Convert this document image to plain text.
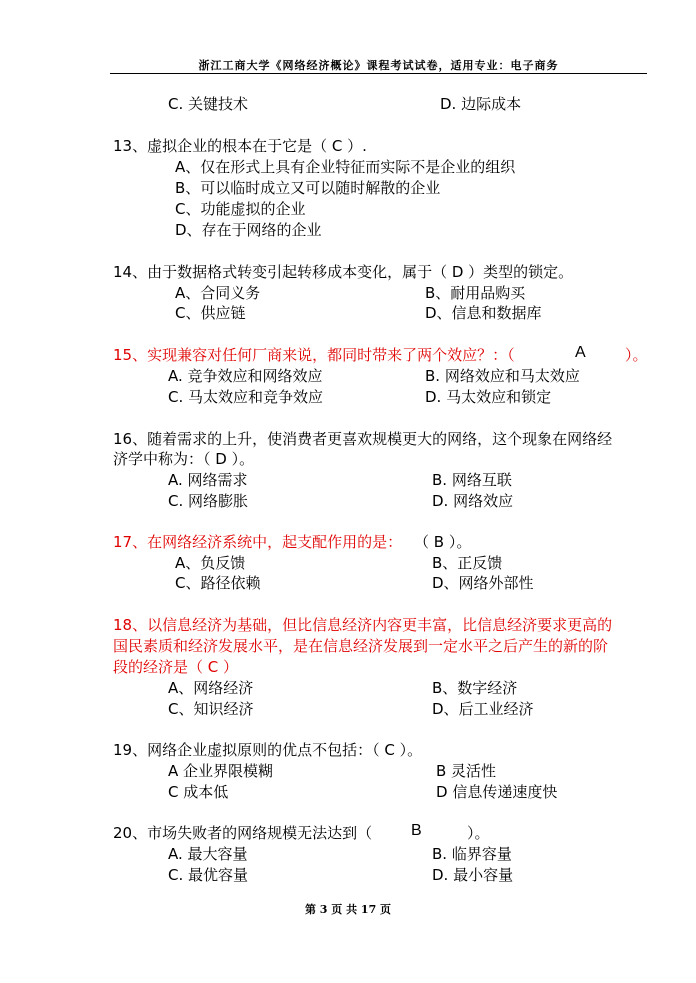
浙江工商大学《网络经济概论》课程考试试卷，适用专业：电子商务
C. 关键技术	D. 边际成本
13、虚拟企业的根本在于它是（ C ）.
A、仅在形式上具有企业特征而实际不是企业的组织
B、可以临时成立又可以随时解散的企业
C、功能虚拟的企业
D、存在于网络的企业
14、由于数据格式转变引起转移成本变化，属于（ D ）类型的锁定。
A、合同义务	B、耐用品购买
C、供应链	D、信息和数据库
15、实现兼容对任何厂商来说，都同时带来了两个效应？：（	A	）。
A. 竞争效应和网络效应	B. 网络效应和马太效应
C. 马太效应和竞争效应	D. 马太效应和锁定
16、随着需求的上升，使消费者更喜欢规模更大的网络，这个现象在网络经
济学中称为：（ D ）。
A. 网络需求	B. 网络互联
C. 网络膨胀	D. 网络效应
17、在网络经济系统中，起支配作用的是： （ B ）。
A、负反馈	B、正反馈
C、路径依赖	D、网络外部性
18、以信息经济为基础，但比信息经济内容更丰富，比信息经济要求更高的
国民素质和经济发展水平，是在信息经济发展到一定水平之后产生的新的阶
段的经济是（ C ）
A、网络经济	B、数字经济
C、知识经济	D、后工业经济
19、网络企业虚拟原则的优点不包括：（ C ）。
A 企业界限模糊	B 灵活性
C 成本低	D 信息传递速度快
20、市场失败者的网络规模无法达到（ B	）。
A. 最大容量	B. 临界容量
C. 最优容量	D. 最小容量
第 3 页 共 17 页
